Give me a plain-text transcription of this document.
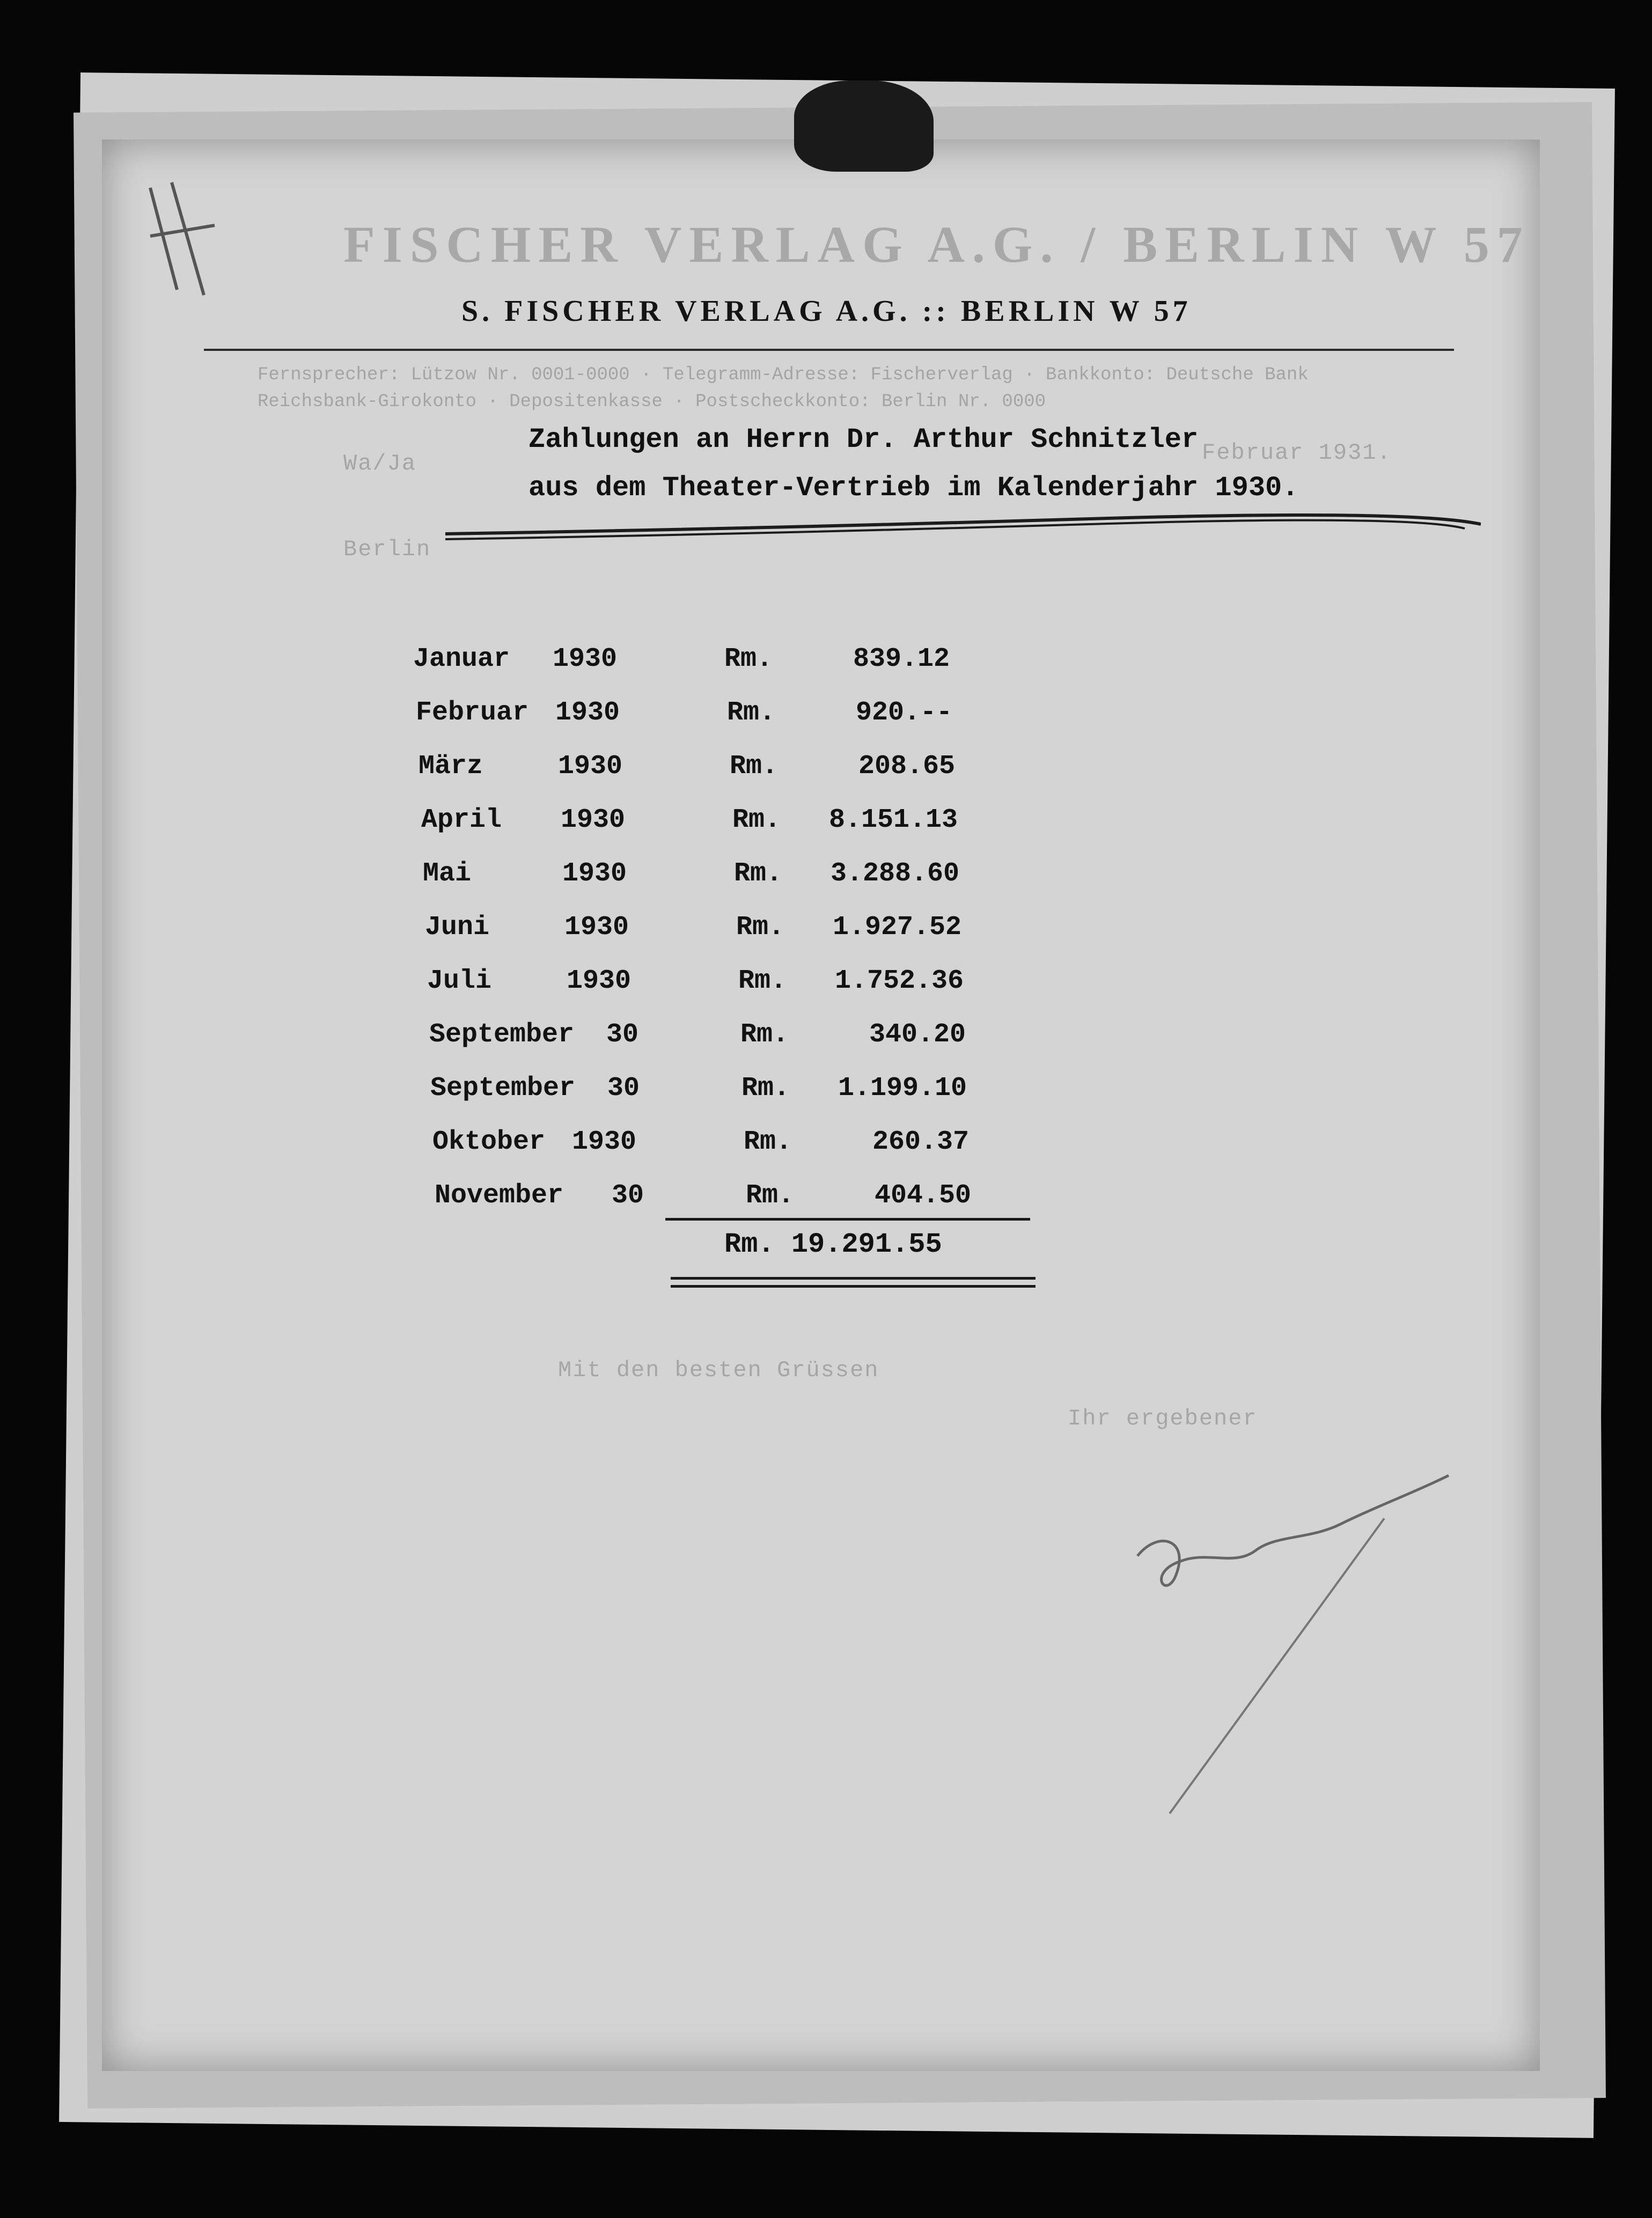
FISCHER VERLAG A.G. / BERLIN W 57
S. FISCHER VERLAG A.G. :: BERLIN W 57
Fernsprecher: Lützow Nr. 0001-0000 · Telegramm-Adresse: Fischerverlag · Bankkonto: Deutsche Bank
Reichsbank-Girokonto · Depositenkasse · Postscheckkonto: Berlin Nr. 0000
Wa/Ja	Februar 1931.
Berlin
Zahlungen an Herrn Dr. Arthur Schnitzler
aus dem Theater-Vertrieb im Kalenderjahr 1930.
Januar 1930	Rm.	839.12
Februar 1930	Rm.	920.--
März	1930	Rm.	208.65
April 1930	Rm.	8.151.13
Mai	1930	Rm.	3.288.60
Juni	1930	Rm.	1.927.52
Juli	1930	Rm.	1.752.36
September 30	Rm.	340.20
September 30	Rm.	1.199.10
Oktober 1930	Rm.	260.37
November 30	Rm.	404.50
Rm. 19.291.55
Mit den besten Grüssen
Ihr ergebener
